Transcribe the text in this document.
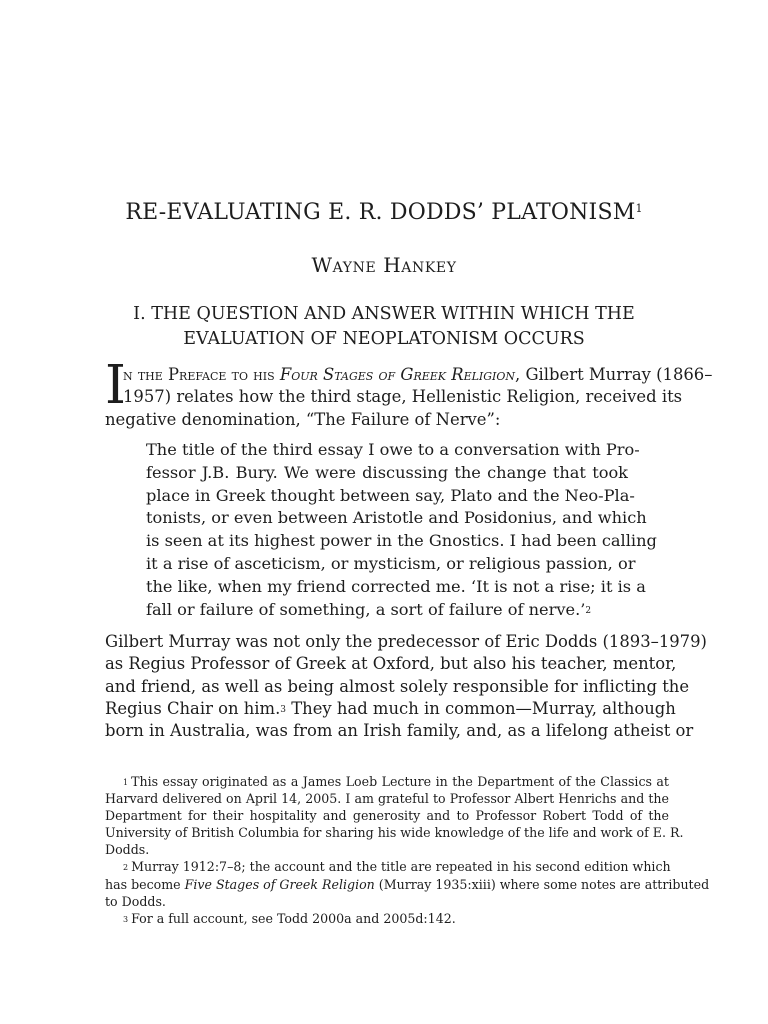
RE-EVALUATING E. R. DODDS’ PLATONISM$^1$
Wayne Hankey
I. THE QUESTION AND ANSWER WITHIN WHICH THE
EVALUATION OF NEOPLATONISM OCCURS
I
n the Preface to his Four Stages of Greek Religion, Gilbert Murray (1866–
1957) relates how the third stage, Hellenistic Religion, received its
negative denomination, “The Failure of Nerve”:
The title of the third essay I owe to a conversation with Pro-
fessor J.B. Bury. We were discussing the change that took
place in Greek thought between say, Plato and the Neo-Pla-
tonists, or even between Aristotle and Posidonius, and which
is seen at its highest power in the Gnostics. I had been calling
it a rise of asceticism, or mysticism, or religious passion, or
the like, when my friend corrected me. ‘It is not a rise; it is a
fall or failure of something, a sort of failure of nerve.’$^2$
Gilbert Murray was not only the predecessor of Eric Dodds (1893–1979)
as Regius Professor of Greek at Oxford, but also his teacher, mentor,
and friend, as well as being almost solely responsible for inflicting the
Regius Chair on him.$^3$ They had much in common—Murray, although
born in Australia, was from an Irish family, and, as a lifelong atheist or
$^1$ This essay originated as a James Loeb Lecture in the Department of the Classics at
Harvard delivered on April 14, 2005. I am grateful to Professor Albert Henrichs and the
Department for their hospitality and generosity and to Professor Robert Todd of the
University of British Columbia for sharing his wide knowledge of the life and work of E. R.
Dodds.
$^2$ Murray 1912:7–8; the account and the title are repeated in his second edition which
has become Five Stages of Greek Religion (Murray 1935:xiii) where some notes are attributed
to Dodds.
$^3$ For a full account, see Todd 2000a and 2005d:142.
